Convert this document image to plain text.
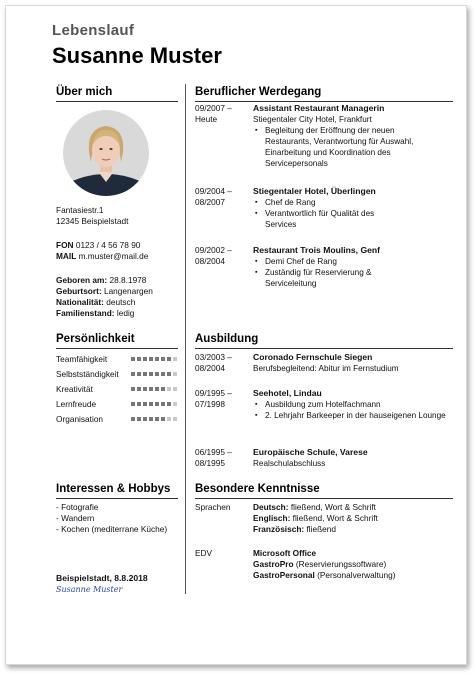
Lebenslauf
Susanne Muster
Über mich
Fantasiestr.1
12345 Beispielstadt
FON 0123 / 4 56 78 90
MAIL m.muster@mail.de
Geboren am: 28.8.1978
Geburtsort: Langenargen
Nationalität: deutsch
Familienstand: ledig
Persönlichkeit
Teamfähigkeit
Selbstständigkeit
Kreativität
Lernfreude
Organisation
Interessen & Hobbys
- Fotografie
- Wandern
- Kochen (mediterrane Küche)
Beispielstadt, 8.8.2018
Susanne Muster
Beruflicher Werdegang
09/2007 –
Heute
Assistant Restaurant Managerin
Stiegentaler City Hotel, Frankfurt
▪ Begleitung der Eröffnung der neuen Restaurants, Verantwortung für Auswahl, Einarbeitung und Koordination des Servicepersonals
09/2004 –
08/2007
Stiegentaler Hotel, Überlingen
▪ Chef de Rang
▪ Verantwortlich für Qualität des Services
09/2002 –
08/2004
Restaurant Trois Moulins, Genf
▪ Demi Chef de Rang
▪ Zuständig für Reservierung & Serviceleitung
Ausbildung
03/2003 –
08/2004
Coronado Fernschule Siegen
Berufsbegleitend: Abitur im Fernstudium
09/1995 –
07/1998
Seehotel, Lindau
▪ Ausbildung zum Hotelfachmann
▪ 2. Lehrjahr Barkeeper in der hauseigenen Lounge
06/1995 –
08/1995
Europäische Schule, Varese
Realschulabschluss
Besondere Kenntnisse
Sprachen	Deutsch: fließend, Wort & Schrift
Englisch: fließend, Wort & Schrift
Französisch: fließend
EDV	Microsoft Office
GastroPro (Reservierungssoftware)
GastroPersonal (Personalverwaltung)
